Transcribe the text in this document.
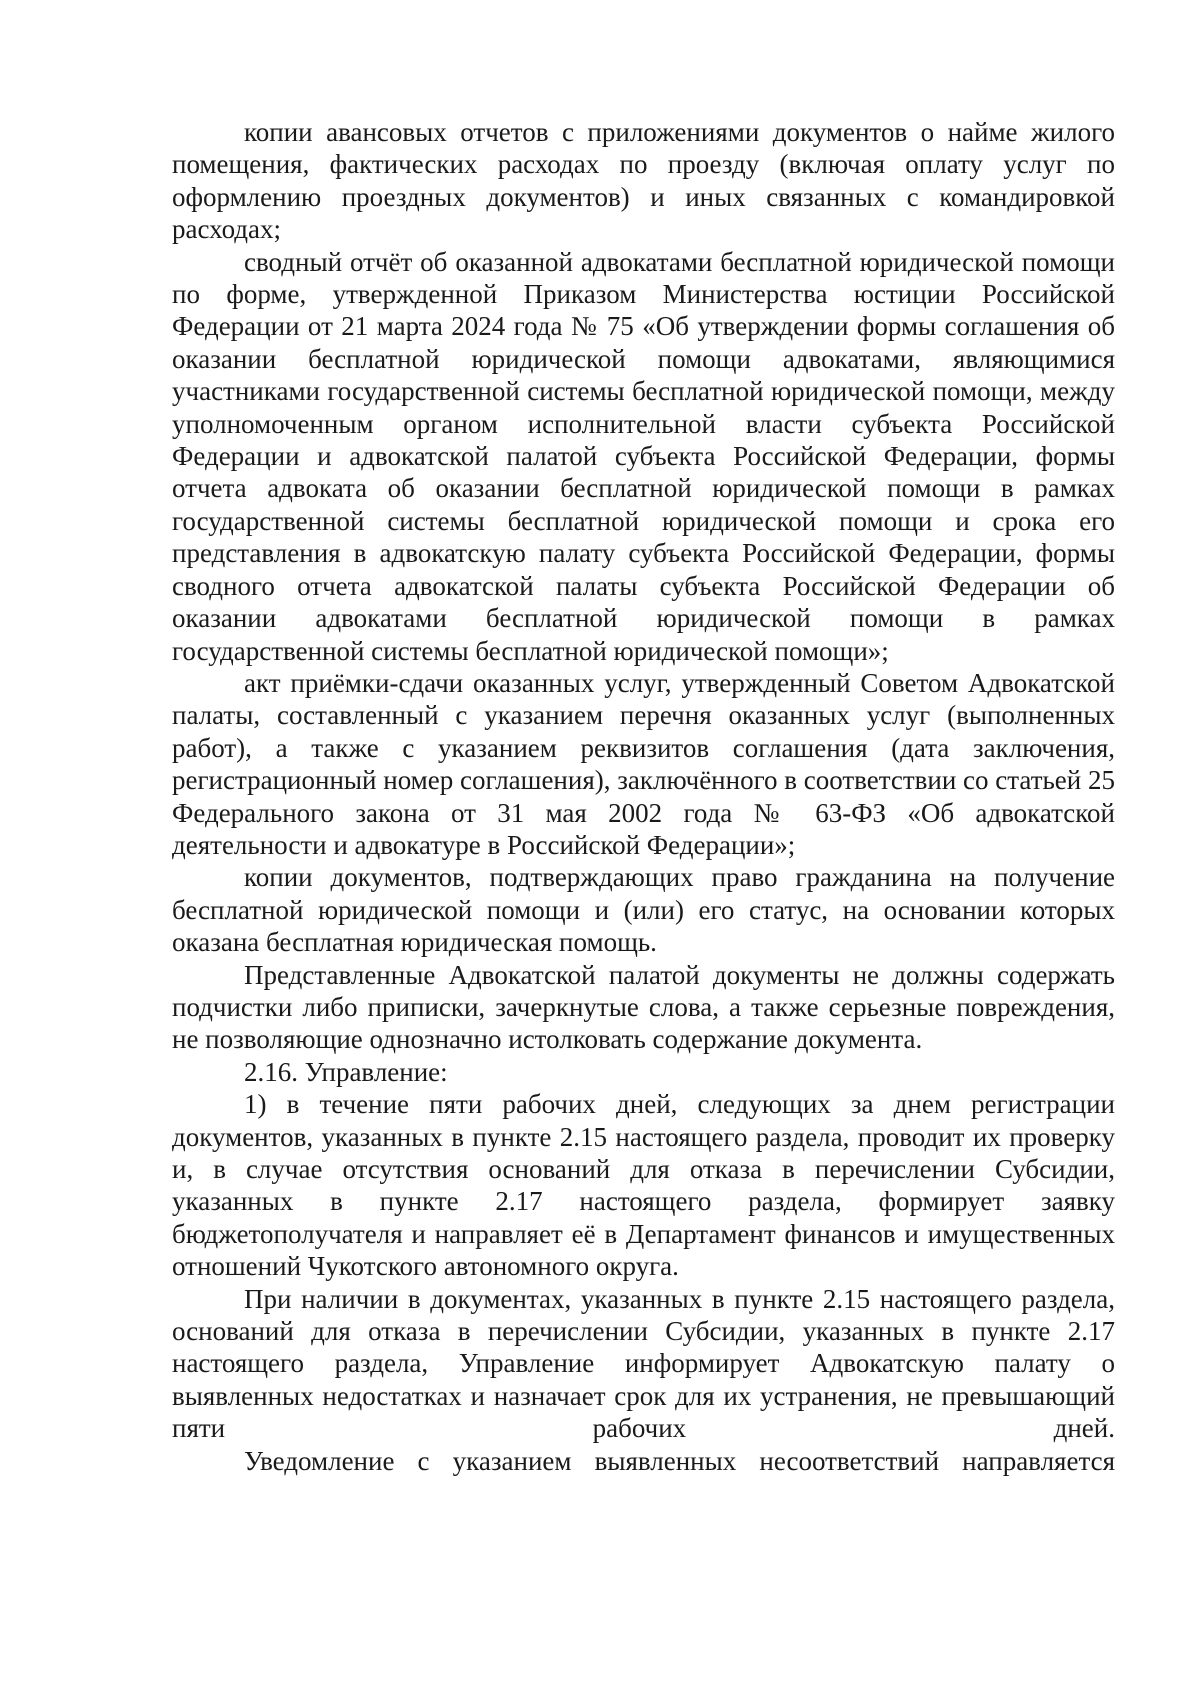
копии авансовых отчетов с приложениями документов о найме жилого помещения, фактических расходах по проезду (включая оплату услуг по оформлению проездных документов) и иных связанных с командировкой расходах;

сводный отчёт об оказанной адвокатами бесплатной юридической помощи по форме, утвержденной Приказом Министерства юстиции Российской Федерации от 21 марта 2024 года № 75 «Об утверждении формы соглашения об оказании бесплатной юридической помощи адвокатами, являющимися участниками государственной системы бесплатной юридической помощи, между уполномоченным органом исполнительной власти субъекта Российской Федерации и адвокатской палатой субъекта Российской Федерации, формы отчета адвоката об оказании бесплатной юридической помощи в рамках государственной системы бесплатной юридической помощи и срока его представления в адвокатскую палату субъекта Российской Федерации, формы сводного отчета адвокатской палаты субъекта Российской Федерации об оказании адвокатами бесплатной юридической помощи в рамках государственной системы бесплатной юридической помощи»;

акт приёмки-сдачи оказанных услуг, утвержденный Советом Адвокатской палаты, составленный с указанием перечня оказанных услуг (выполненных работ), а также с указанием реквизитов соглашения (дата заключения, регистрационный номер соглашения), заключённого в соответствии со статьей 25 Федерального закона от 31 мая 2002 года № 63-ФЗ «Об адвокатской деятельности и адвокатуре в Российской Федерации»;

копии документов, подтверждающих право гражданина на получение бесплатной юридической помощи и (или) его статус, на основании которых оказана бесплатная юридическая помощь.

Представленные Адвокатской палатой документы не должны содержать подчистки либо приписки, зачеркнутые слова, а также серьезные повреждения, не позволяющие однозначно истолковать содержание документа.

2.16. Управление:

1) в течение пяти рабочих дней, следующих за днем регистрации документов, указанных в пункте 2.15 настоящего раздела, проводит их проверку и, в случае отсутствия оснований для отказа в перечислении Субсидии, указанных в пункте 2.17 настоящего раздела, формирует заявку бюджетополучателя и направляет её в Департамент финансов и имущественных отношений Чукотского автономного округа.

При наличии в документах, указанных в пункте 2.15 настоящего раздела, оснований для отказа в перечислении Субсидии, указанных в пункте 2.17 настоящего раздела, Управление информирует Адвокатскую палату о выявленных недостатках и назначает срок для их устранения, не превышающий пяти рабочих дней.

Уведомление с указанием выявленных несоответствий направляется
